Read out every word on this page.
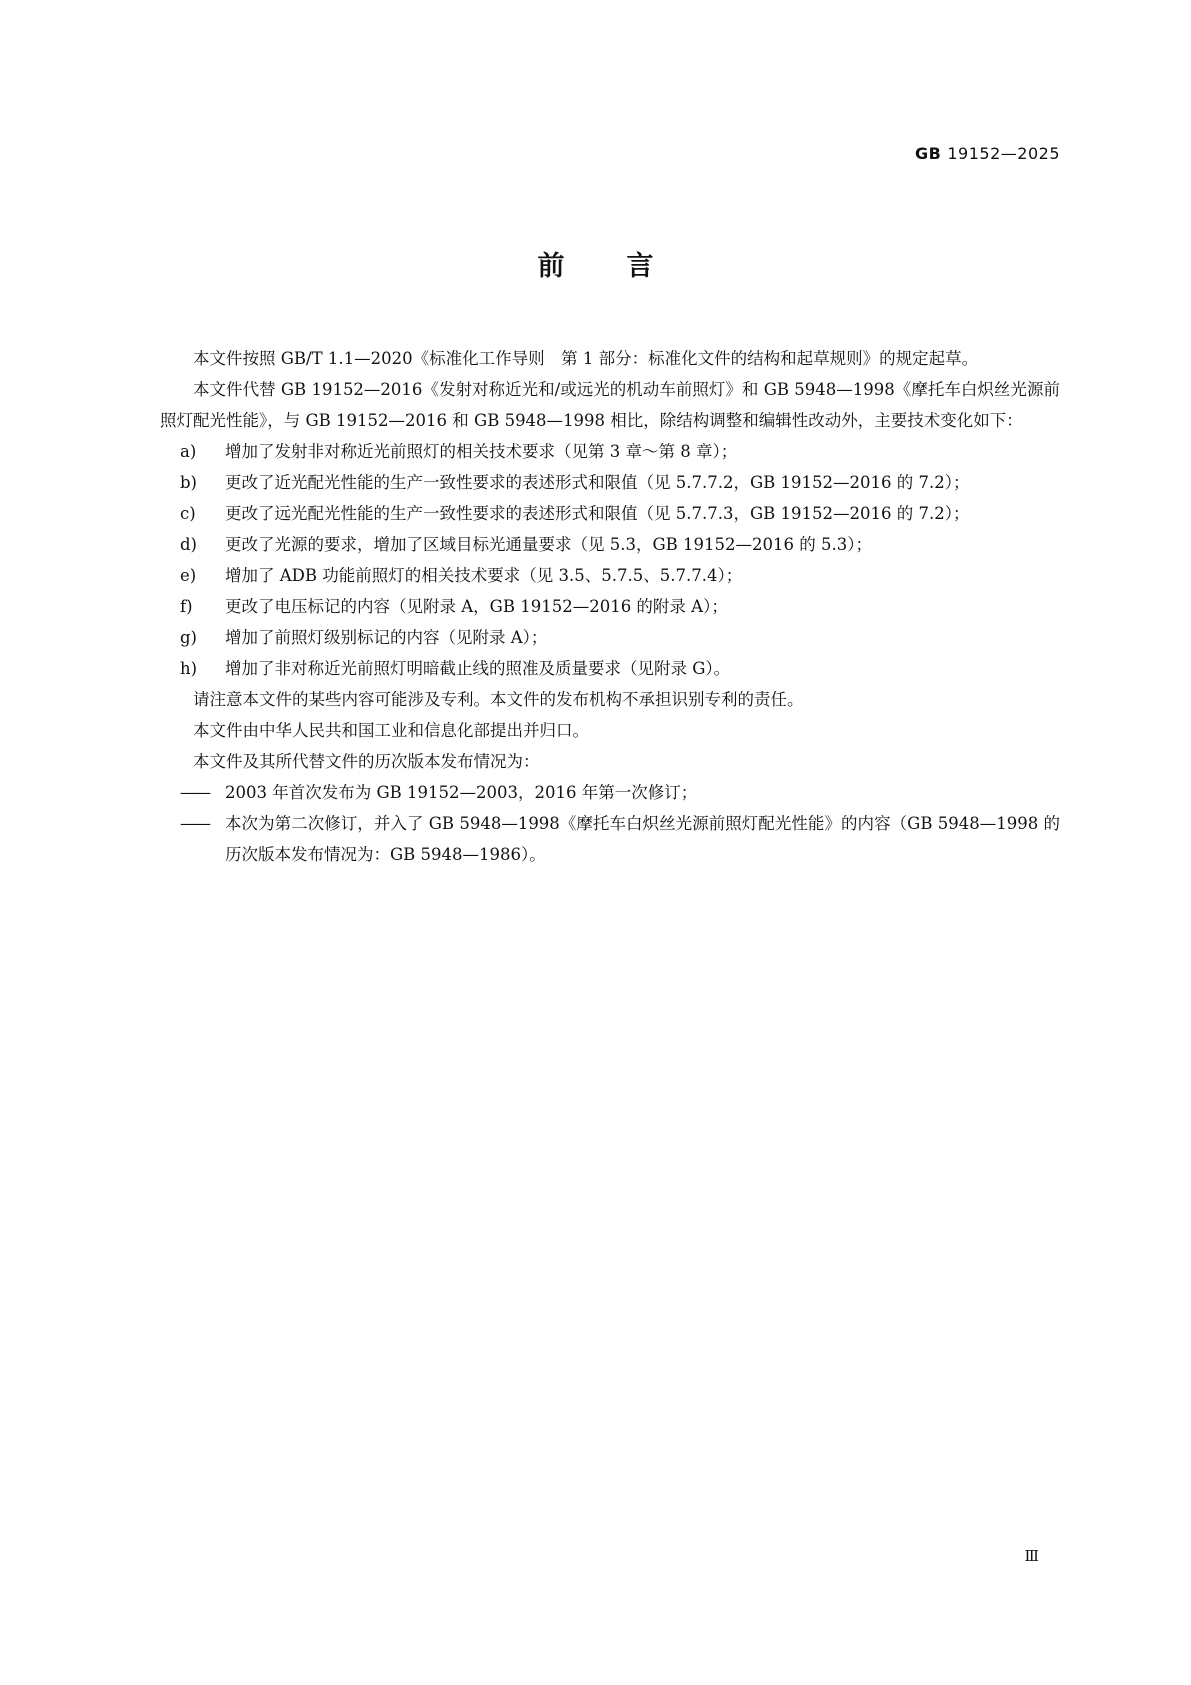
GB 19152—2025
前 言

本文件按照 GB/T 1.1—2020《标准化工作导则　第 1 部分：标准化文件的结构和起草规则》的规定起草。

本文件代替 GB 19152—2016《发射对称近光和/或远光的机动车前照灯》和 GB 5948—1998《摩托车白炽丝光源前照灯配光性能》，与 GB 19152—2016 和 GB 5948—1998 相比，除结构调整和编辑性改动外，主要技术变化如下：

a) 增加了发射非对称近光前照灯的相关技术要求（见第 3 章～第 8 章）；

b) 更改了近光配光性能的生产一致性要求的表述形式和限值（见 5.7.7.2，GB 19152—2016 的 7.2）；

c) 更改了远光配光性能的生产一致性要求的表述形式和限值（见 5.7.7.3，GB 19152—2016 的 7.2）；

d) 更改了光源的要求，增加了区域目标光通量要求（见 5.3，GB 19152—2016 的 5.3）；

e) 增加了 ADB 功能前照灯的相关技术要求（见 3.5、5.7.5、5.7.7.4）；

f) 更改了电压标记的内容（见附录 A，GB 19152—2016 的附录 A）；

g) 增加了前照灯级别标记的内容（见附录 A）；

h) 增加了非对称近光前照灯明暗截止线的照准及质量要求（见附录 G）。

请注意本文件的某些内容可能涉及专利。本文件的发布机构不承担识别专利的责任。

本文件由中华人民共和国工业和信息化部提出并归口。

本文件及其所代替文件的历次版本发布情况为：

—— 2003 年首次发布为 GB 19152—2003，2016 年第一次修订；

—— 本次为第二次修订，并入了 GB 5948—1998《摩托车白炽丝光源前照灯配光性能》的内容（GB 5948—1998 的历次版本发布情况为：GB 5948—1986）。

Ⅲ
